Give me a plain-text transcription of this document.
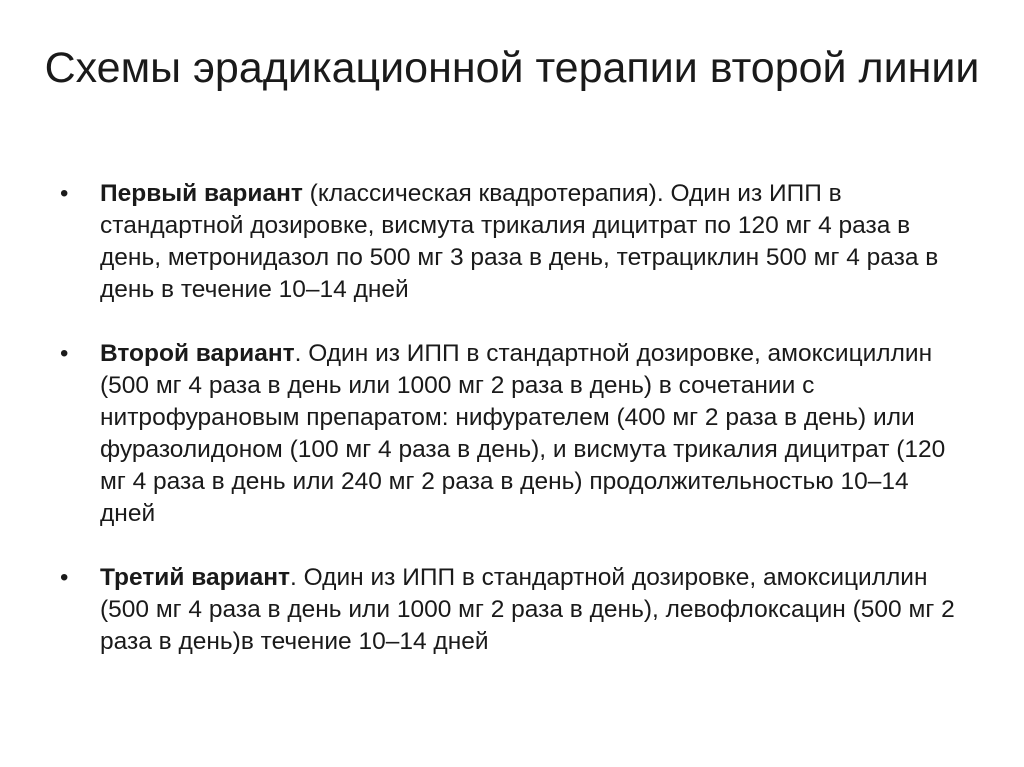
Схемы эрадикационной терапии второй линии
•	Первый вариант (классическая квадротерапия). Один из ИПП в стандартной дозировке, висмута трикалия дицитрат по 120 мг 4 раза в день, метронидазол по 500 мг 3 раза в день, тетрациклин 500 мг 4 раза в день в течение 10–14 дней
•	Второй вариант. Один из ИПП в стандартной дозировке, амоксициллин (500 мг 4 раза в день или 1000 мг 2 раза в день) в сочетании с нитрофурановым препаратом: нифурателем (400 мг 2 раза в день) или фуразолидоном (100 мг 4 раза в день), и висмута трикалия дицитрат (120 мг 4 раза в день или 240 мг 2 раза в день) продолжительностью 10–14 дней
•	Третий вариант. Один из ИПП в стандартной дозировке, амоксициллин (500 мг 4 раза в день или 1000 мг 2 раза в день), левофлоксацин (500 мг 2 раза в день)в течение 10–14 дней
